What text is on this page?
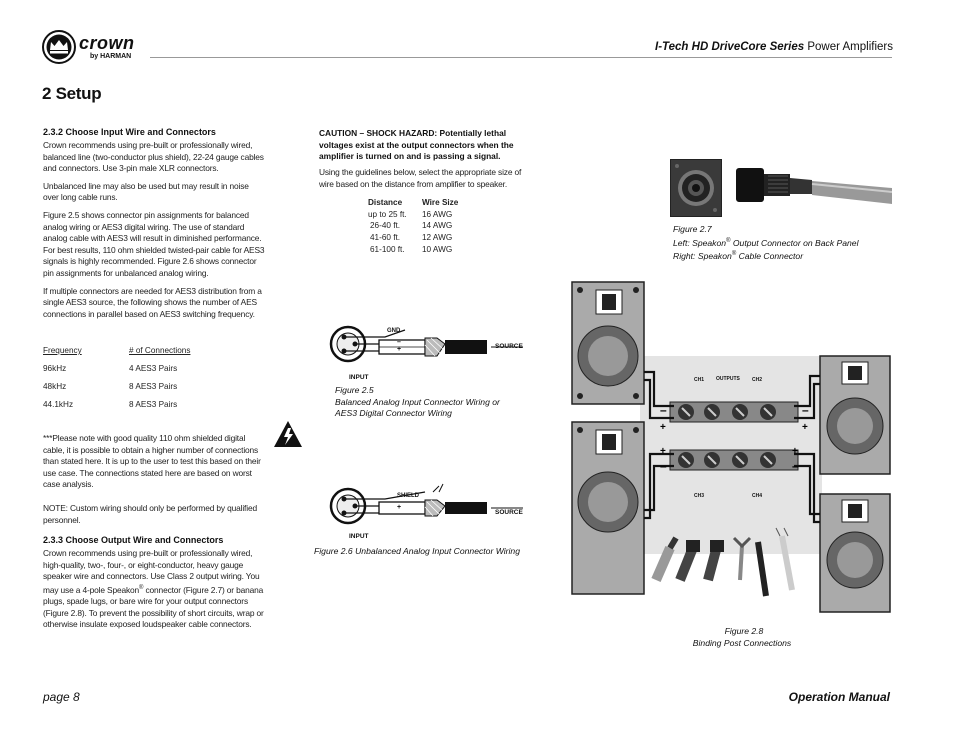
crown
by HARMAN
I-Tech HD DriveCore Series Power Amplifiers
2 Setup
2.3.2 Choose Input Wire and Connectors
Crown recommends using pre-built or professionally wired, balanced line (two-conductor plus shield), 22-24 gauge cables and connectors. Use 3-pin male XLR connectors.
Unbalanced line may also be used but may result in noise over long cable runs.
Figure 2.5 shows connector pin assignments for balanced analog wiring or AES3 digital wiring. The use of standard analog cable with AES3 will result in diminished performance. For best results, 110 ohm shielded twisted-pair cable for AES3 signals is highly recommended. Figure 2.6 shows connector pin assignments for unbalanced analog wiring.
If multiple connectors are needed for AES3 distribution from a single AES3 source, the following shows the number of AES connections in parallel based on AES3 switching frequency.
Frequency	# of Connections
96kHz	4 AES3 Pairs
48kHz	8 AES3 Pairs
44.1kHz	8 AES3 Pairs
***Please note with good quality 110 ohm shielded digital cable, it is possible to obtain a higher number of connections than stated here. It is up to the user to test this based on their use case. The connections stated here are based on worst case analysis.
NOTE: Custom wiring should only be performed by qualified personnel.
2.3.3 Choose Output Wire and Connectors
Crown recommends using pre-built or professionally wired, high-quality, two-, four-, or eight-conductor, heavy gauge speaker wire and connectors. Use Class 2 output wiring. You may use a 4-pole Speakon® connector (Figure 2.7) or banana plugs, spade lugs, or bare wire for your output connectors (Figure 2.8). To prevent the possibility of short circuits, wrap or otherwise insulate exposed loudspeaker cable connectors.
CAUTION – SHOCK HAZARD: Potentially lethal voltages exist at the output connectors when the amplifier is turned on and is passing a signal.
Using the guidelines below, select the appropriate size of wire based on the distance from amplifier to speaker.
Distance	Wire Size
up to 25 ft.	16 AWG
26-40 ft.	14 AWG
41-60 ft.	12 AWG
61-100 ft.	10 AWG
GND
–
+	SOURCE
INPUT
Figure 2.5
Balanced Analog Input Connector Wiring or
AES3 Digital Connector Wiring
SHIELD
+
SOURCE
INPUT
Figure 2.6 Unbalanced Analog Input Connector Wiring
Figure 2.7
Left: Speakon® Output Connector on Back Panel
Right: Speakon® Cable Connector
–
+
+
–
–
+
+
–
CH1 OUTPUTS CH2
CH3	CH4
Figure 2.8
Binding Post Connections
page 8	Operation Manual
